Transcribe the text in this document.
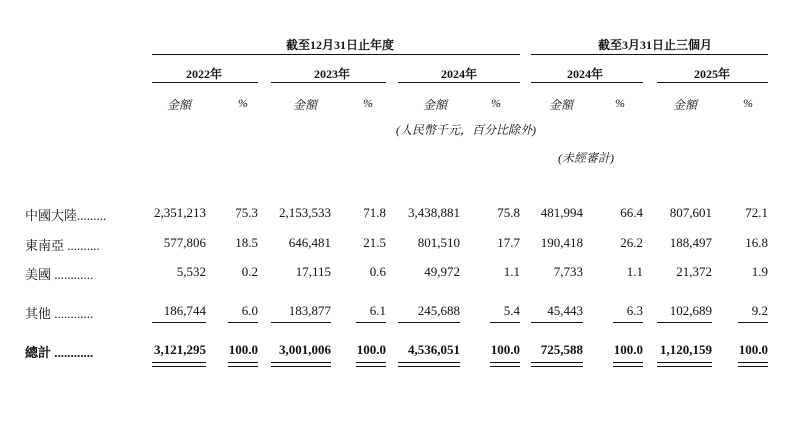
截至12月31日止年度	截至3月31日止三個月
2022年	2023年	2024年	2024年	2025年
金額	%	金額	%	金額	%	金額	%	金額	%
(人民幣千元，百分比除外)
(未經審計)
中國大陸.........	2,351,213	75.3	2,153,533	71.8	3,438,881	75.8	481,994	66.4	807,601	72.1
東南亞 ..........	577,806	18.5	646,481	21.5	801,510	17.7	190,418	26.2	188,497	16.8
美國 ............	5,532	0.2	17,115	0.6	49,972	1.1	7,733	1.1	21,372	1.9
其他 ............	186,744	6.0	183,877	6.1	245,688	5.4	45,443	6.3	102,689	9.2
總計 ............	3,121,295	100.0	3,001,006	100.0	4,536,051	100.0	725,588	100.0	1,120,159	100.0
